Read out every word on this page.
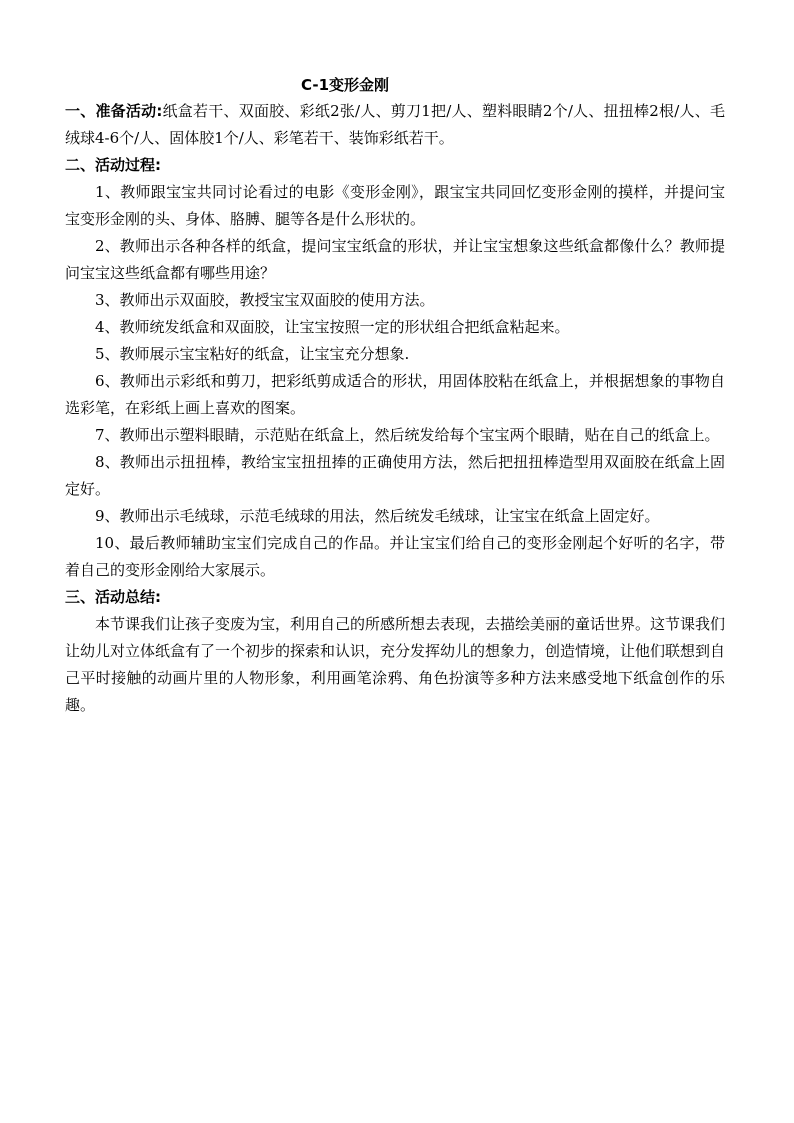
C-1变形金刚

一、准备活动:纸盒若干、双面胶、彩纸2张/人、剪刀1把/人、塑料眼睛2个/人、扭扭棒2根/人、毛绒球4-6个/人、固体胶1个/人、彩笔若干、装饰彩纸若干。

二、活动过程:

1、教师跟宝宝共同讨论看过的电影《变形金刚》，跟宝宝共同回忆变形金刚的摸样，并提问宝宝变形金刚的头、身体、胳膊、腿等各是什么形状的。

2、教师出示各种各样的纸盒，提问宝宝纸盒的形状，并让宝宝想象这些纸盒都像什么？教师提问宝宝这些纸盒都有哪些用途？

3、教师出示双面胶，教授宝宝双面胶的使用方法。

4、教师统发纸盒和双面胶，让宝宝按照一定的形状组合把纸盒粘起来。

5、教师展示宝宝粘好的纸盒，让宝宝充分想象.

6、教师出示彩纸和剪刀，把彩纸剪成适合的形状，用固体胶粘在纸盒上，并根据想象的事物自选彩笔，在彩纸上画上喜欢的图案。

7、教师出示塑料眼睛，示范贴在纸盒上，然后统发给每个宝宝两个眼睛，贴在自己的纸盒上。

8、教师出示扭扭棒，教给宝宝扭扭捧的正确使用方法，然后把扭扭棒造型用双面胶在纸盒上固定好。

9、教师出示毛绒球，示范毛绒球的用法，然后统发毛绒球，让宝宝在纸盒上固定好。

10、最后教师辅助宝宝们完成自己的作品。并让宝宝们给自己的变形金刚起个好听的名字，带着自己的变形金刚给大家展示。

三、活动总结:

本节课我们让孩子变废为宝，利用自己的所感所想去表现，去描绘美丽的童话世界。这节课我们让幼儿对立体纸盒有了一个初步的探索和认识，充分发挥幼儿的想象力，创造情境，让他们联想到自己平时接触的动画片里的人物形象，利用画笔涂鸦、角色扮演等多种方法来感受地下纸盒创作的乐趣。
